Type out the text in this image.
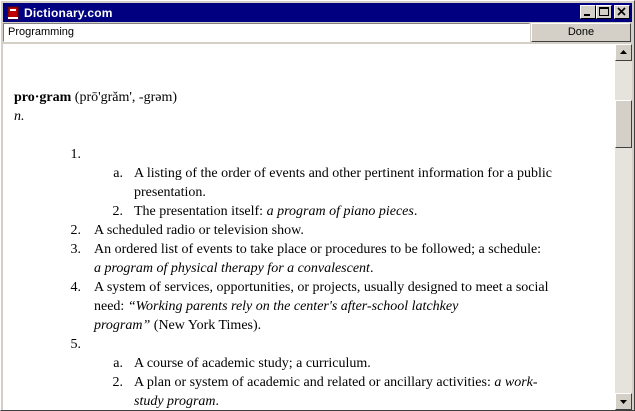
Dictionary.com
Programming	Done
pro·gram (prō'grăm', -grəm)
n.
1.
a. A listing of the order of events and other pertinent information for a public
presentation.
2. The presentation itself: a program of piano pieces.
2. A scheduled radio or television show.
3. An ordered list of events to take place or procedures to be followed; a schedule:
a program of physical therapy for a convalescent.
4. A system of services, opportunities, or projects, usually designed to meet a social
need: “Working parents rely on the center's after-school latchkey
program” (New York Times).
5.
a. A course of academic study; a curriculum.
2. A plan or system of academic and related or ancillary activities: a work-
study program.
